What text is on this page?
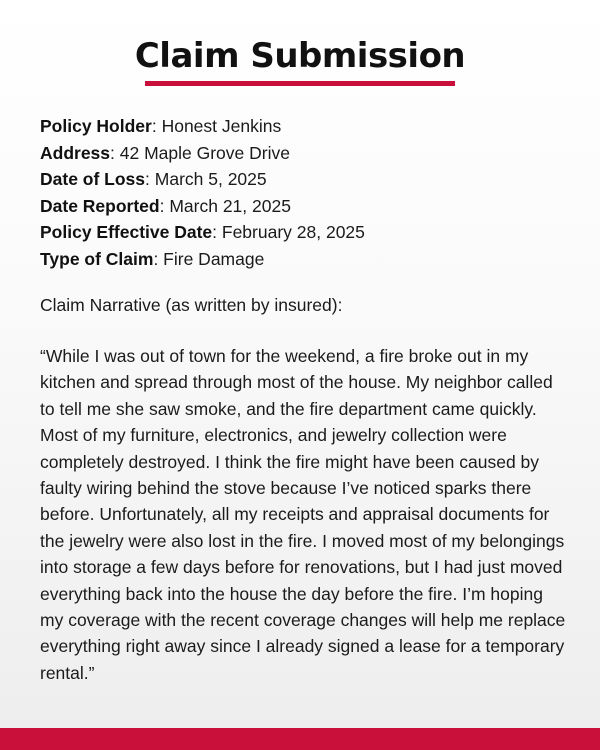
Claim Submission
Policy Holder: Honest Jenkins
Address: 42 Maple Grove Drive
Date of Loss: March 5, 2025
Date Reported: March 21, 2025
Policy Effective Date: February 28, 2025
Type of Claim: Fire Damage

Claim Narrative (as written by insured):

“While I was out of town for the weekend, a fire broke out in my kitchen and spread through most of the house. My neighbor called to tell me she saw smoke, and the fire department came quickly. Most of my furniture, electronics, and jewelry collection were completely destroyed. I think the fire might have been caused by faulty wiring behind the stove because I’ve noticed sparks there before. Unfortunately, all my receipts and appraisal documents for the jewelry were also lost in the fire. I moved most of my belongings into storage a few days before for renovations, but I had just moved everything back into the house the day before the fire. I’m hoping my coverage with the recent coverage changes will help me replace everything right away since I already signed a lease for a temporary rental.”
